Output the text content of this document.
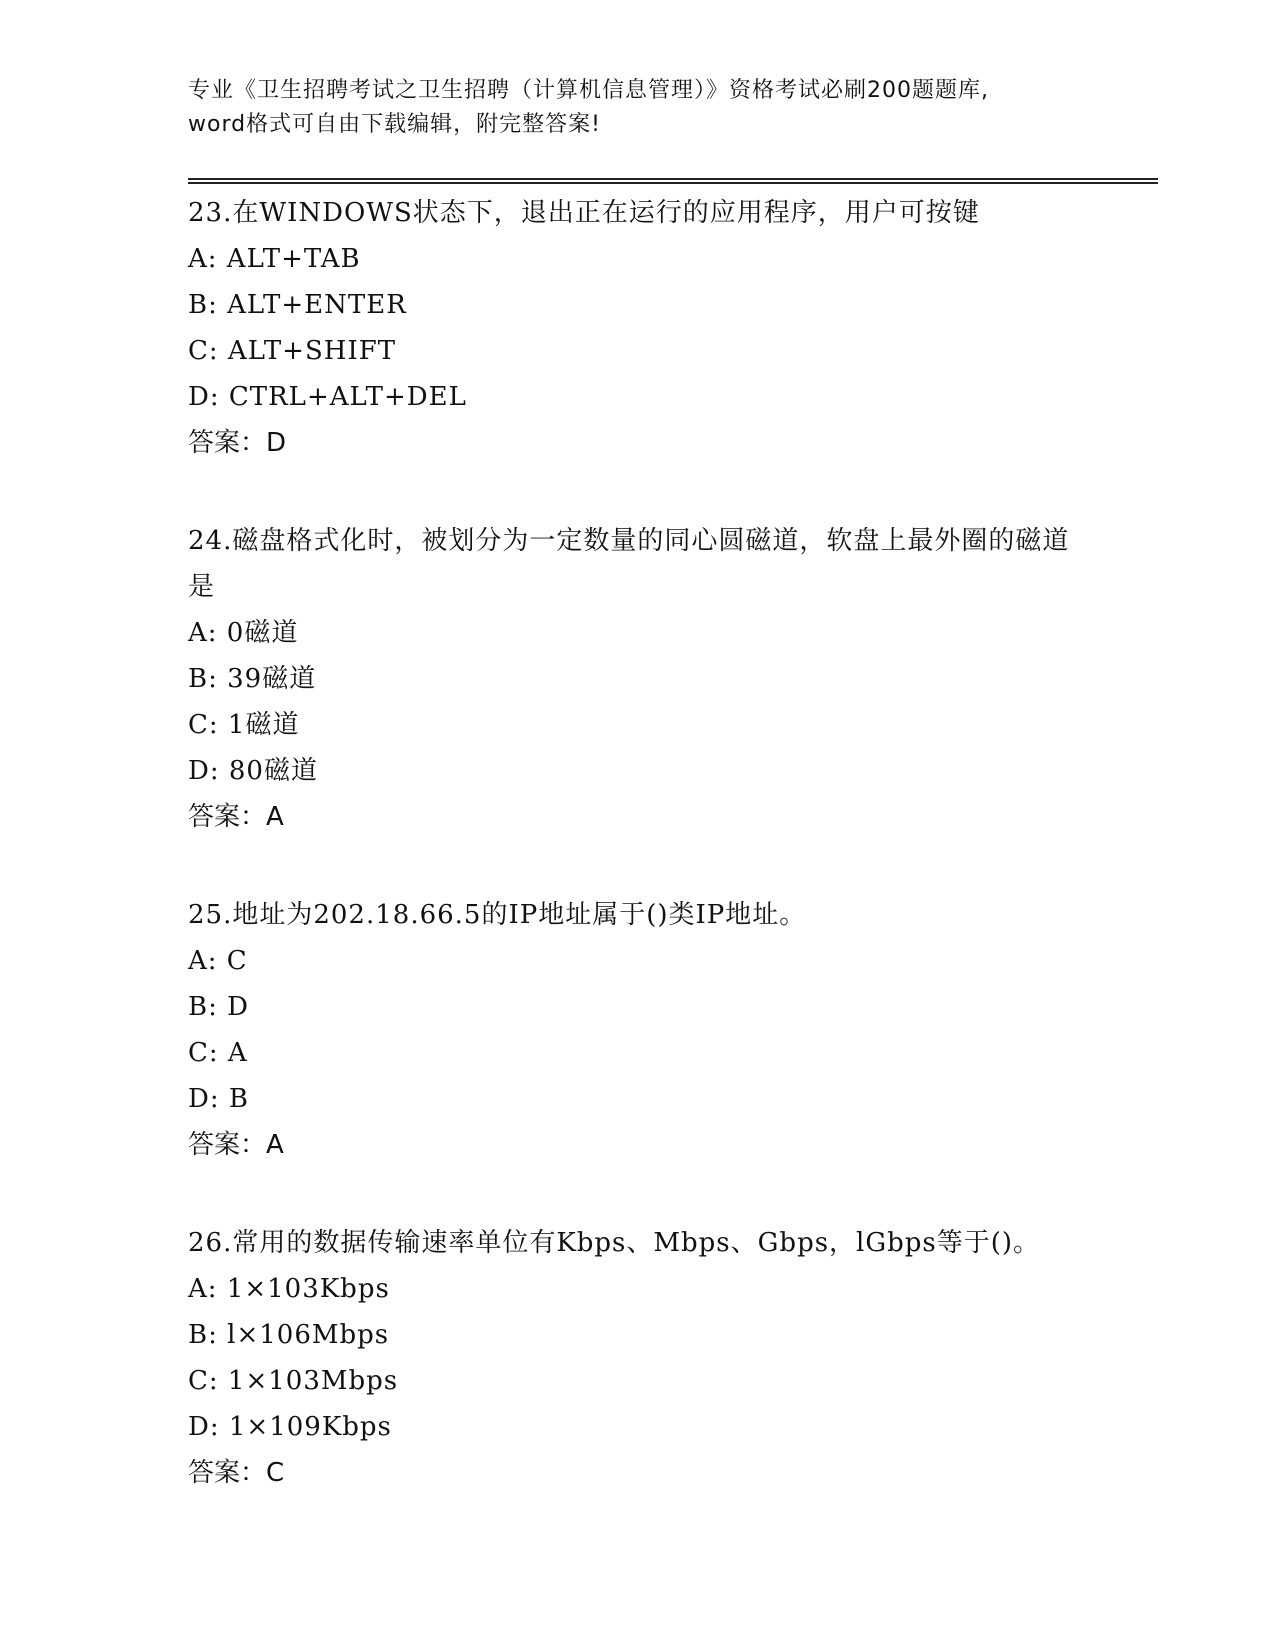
专业《卫生招聘考试之卫生招聘（计算机信息管理）》资格考试必刷200题题库,
word格式可自由下载编辑，附完整答案!

23.在WINDOWS状态下，退出正在运行的应用程序，用户可按键

A: ALT+TAB

B: ALT+ENTER

C: ALT+SHIFT

D: CTRL+ALT+DEL

答案：D

24.磁盘格式化时，被划分为一定数量的同心圆磁道，软盘上最外圈的磁道是

A: 0磁道

B: 39磁道

C: 1磁道

D: 80磁道

答案：A

25.地址为202.18.66.5的IP地址属于()类IP地址。

A: C

B: D

C: A

D: B

答案：A

26.常用的数据传输速率单位有Kbps、Mbps、Gbps，lGbps等于()。

A: 1×103Kbps

B: l×106Mbps

C: 1×103Mbps

D: 1×109Kbps

答案：C
